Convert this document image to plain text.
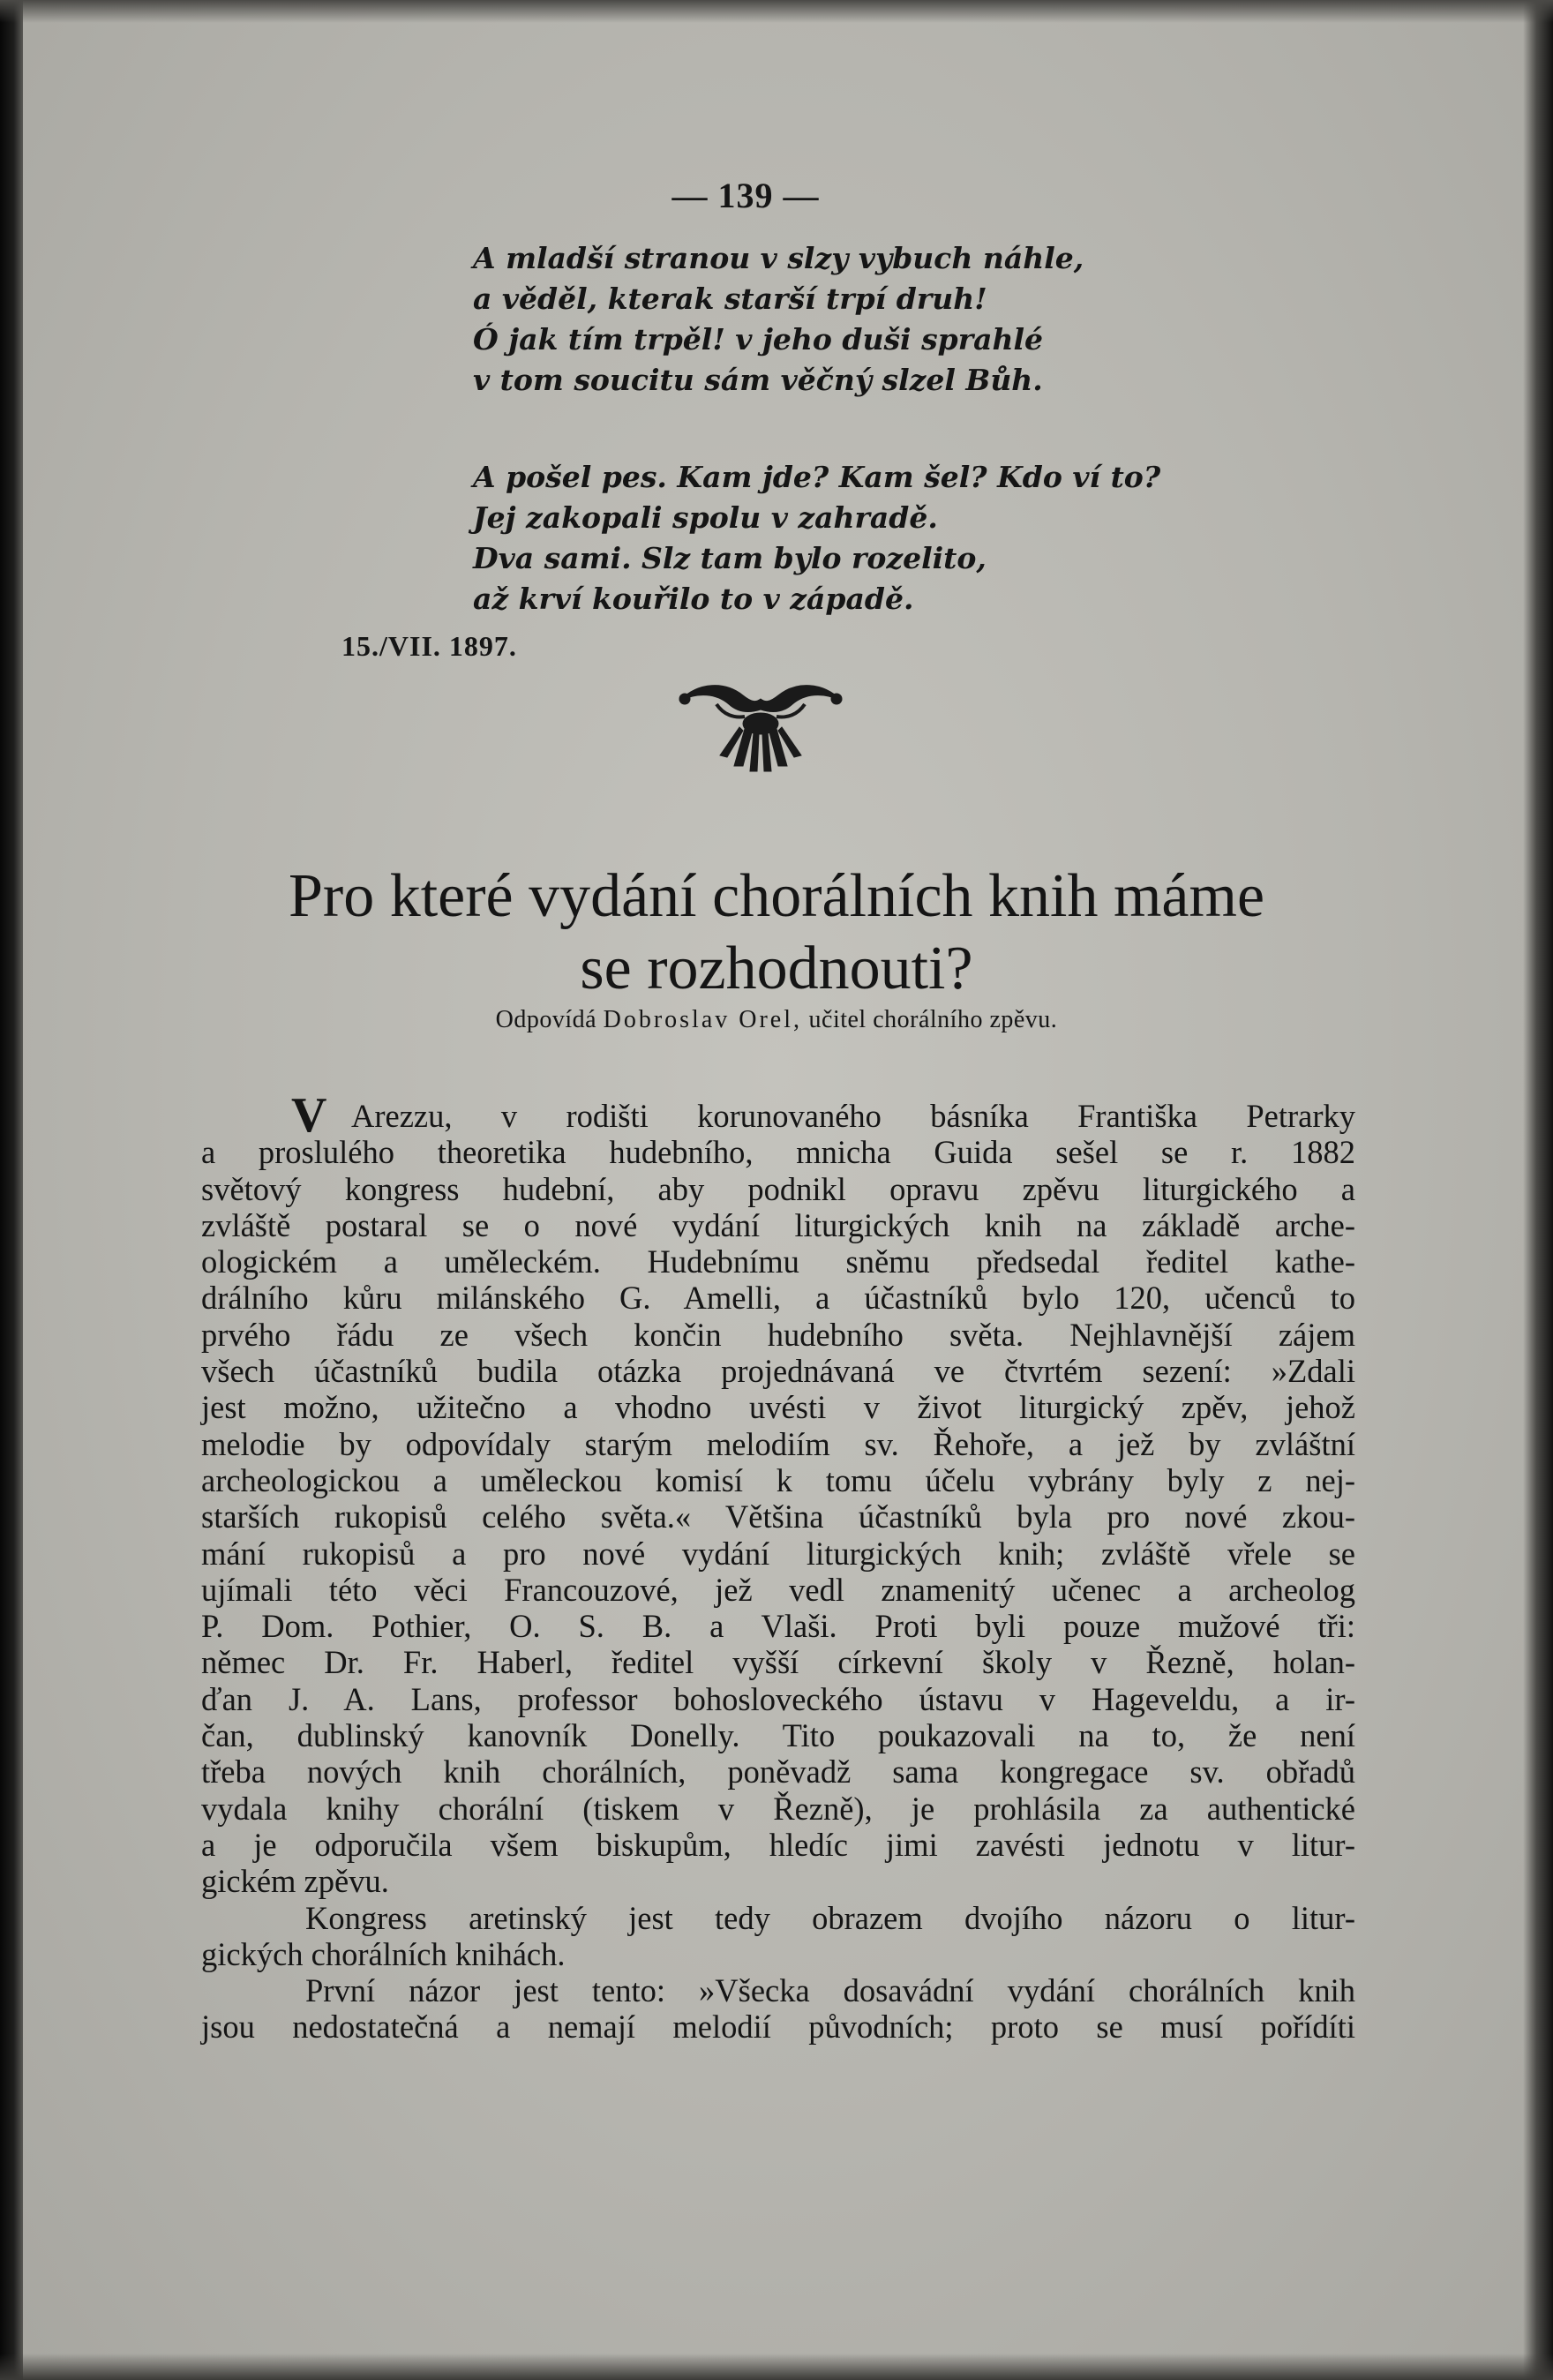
— 139 —
A mladší stranou v slzy vybuch náhle,
a věděl, kterak starší trpí druh!
Ó jak tím trpěl! v jeho duši sprahlé
v tom soucitu sám věčný slzel Bůh.
A pošel pes. Kam jde? Kam šel? Kdo ví to?
Jej zakopali spolu v zahradě.
Dva sami. Slz tam bylo rozelito,
až krví kouřilo to v západě.
15./VII. 1897.
Pro které vydání chorálních knih máme
se rozhodnouti?
Odpovídá Dobroslav Orel, učitel chorálního zpěvu.
V Arezzu, v rodišti korunovaného básníka Františka Petrarky
a proslulého theoretika hudebního, mnicha Guida sešel se r. 1882
světový kongress hudební, aby podnikl opravu zpěvu liturgického a
zvláště postaral se o nové vydání liturgických knih na základě arche-
ologickém a uměleckém. Hudebnímu sněmu předsedal ředitel kathe-
drálního kůru milánského G. Amelli, a účastníků bylo 120, učenců to
prvého řádu ze všech končin hudebního světa. Nejhlavnější zájem
všech účastníků budila otázka projednávaná ve čtvrtém sezení: »Zdali
jest možno, užitečno a vhodno uvésti v život liturgický zpěv, jehož
melodie by odpovídaly starým melodiím sv. Řehoře, a jež by zvláštní
archeologickou a uměleckou komisí k tomu účelu vybrány byly z nej-
starších rukopisů celého světa.« Většina účastníků byla pro nové zkou-
mání rukopisů a pro nové vydání liturgických knih; zvláště vřele se
ujímali této věci Francouzové, jež vedl znamenitý učenec a archeolog
P. Dom. Pothier, O. S. B. a Vlaši. Proti byli pouze mužové tři:
němec Dr. Fr. Haberl, ředitel vyšší církevní školy v Řezně, holan-
ďan J. A. Lans, professor bohosloveckého ústavu v Hageveldu, a ir-
čan, dublinský kanovník Donelly. Tito poukazovali na to, že není
třeba nových knih chorálních, poněvadž sama kongregace sv. obřadů
vydala knihy chorální (tiskem v Řezně), je prohlásila za authentické
a je odporučila všem biskupům, hledíc jimi zavésti jednotu v litur-
gickém zpěvu.
Kongress aretinský jest tedy obrazem dvojího názoru o litur-
gických chorálních knihách.
První názor jest tento: »Všecka dosavádní vydání chorálních knih
jsou nedostatečná a nemají melodií původních; proto se musí pořídíti
